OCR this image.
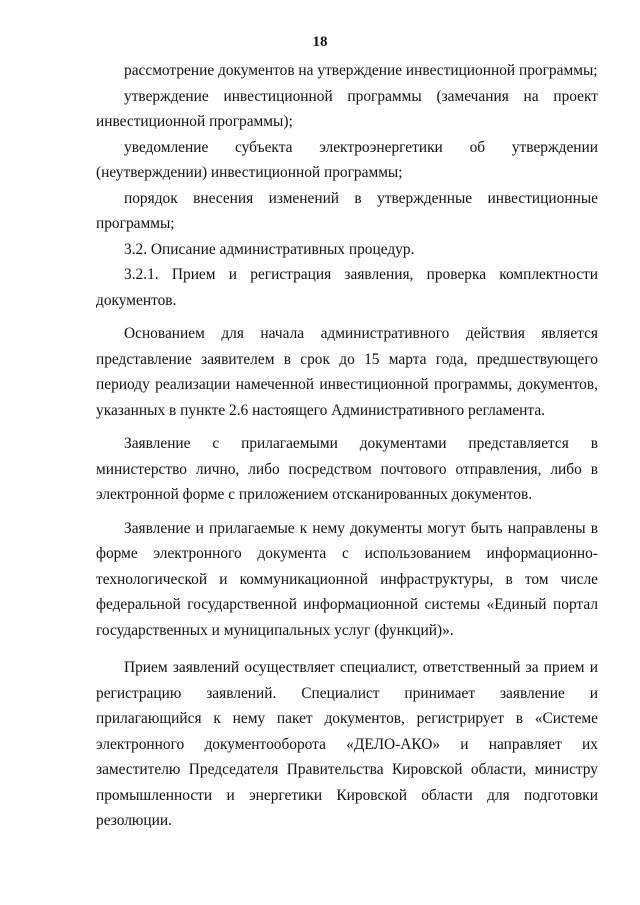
18

рассмотрение документов на утверждение инвестиционной программы;

утверждение инвестиционной программы (замечания на проект инвестиционной программы);

уведомление субъекта электроэнергетики об утверждении (неутверждении) инвестиционной программы;

порядок внесения изменений в утвержденные инвестиционные программы;

3.2. Описание административных процедур.

3.2.1. Прием и регистрация заявления, проверка комплектности документов.

Основанием для начала административного действия является представление заявителем в срок до 15 марта года, предшествующего периоду реализации намеченной инвестиционной программы, документов, указанных в пункте 2.6 настоящего Административного регламента.

Заявление с прилагаемыми документами представляется в министерство лично, либо посредством почтового отправления, либо в электронной форме с приложением отсканированных документов.

Заявление и прилагаемые к нему документы могут быть направлены в форме электронного документа с использованием информационно-технологической и коммуникационной инфраструктуры, в том числе федеральной государственной информационной системы «Единый портал государственных и муниципальных услуг (функций)».

Прием заявлений осуществляет специалист, ответственный за прием и регистрацию заявлений. Специалист принимает заявление и прилагающийся к нему пакет документов, регистрирует в «Системе электронного документооборота «ДЕЛО-АКО» и направляет их заместителю Председателя Правительства Кировской области, министру промышленности и энергетики Кировской области для подготовки резолюции.
